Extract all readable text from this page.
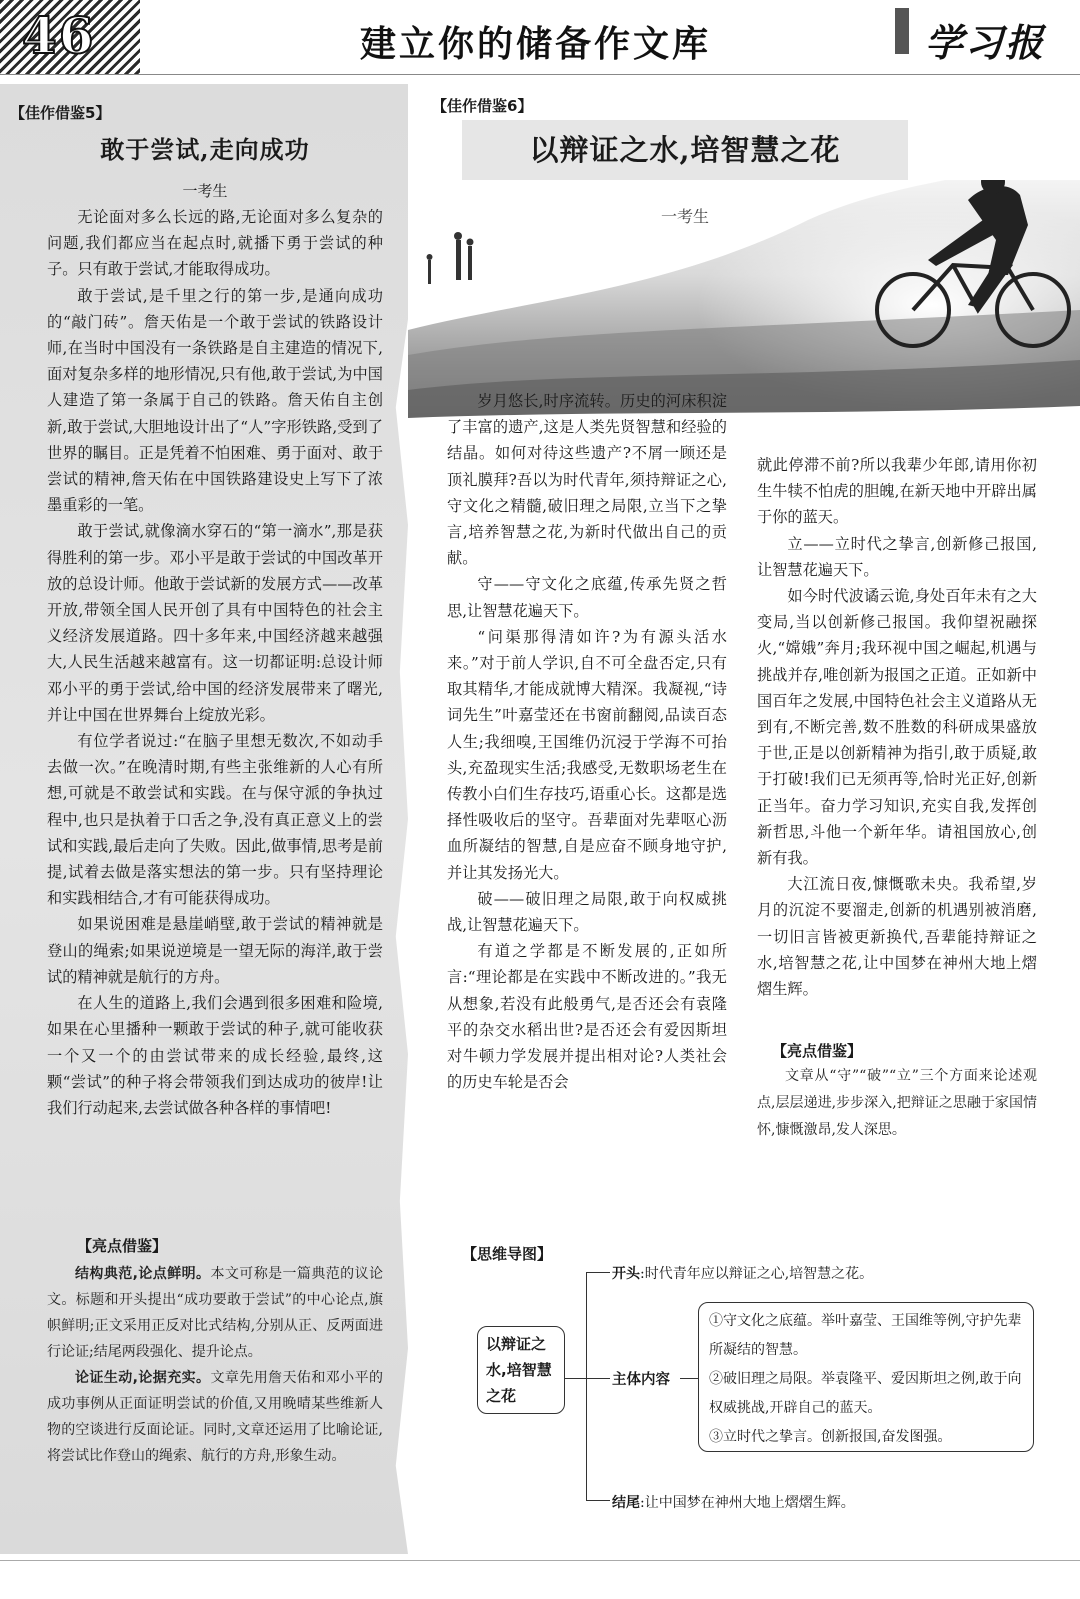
46	建立你的储备作文库	学习报
【佳作借鉴5】
敢于尝试,走向成功
一考生

无论面对多么长远的路,无论面对多么复杂的问题,我们都应当在起点时,就播下勇于尝试的种子。只有敢于尝试,才能取得成功。

敢于尝试,是千里之行的第一步,是通向成功的“敲门砖”。詹天佑是一个敢于尝试的铁路设计师,在当时中国没有一条铁路是自主建造的情况下,面对复杂多样的地形情况,只有他,敢于尝试,为中国人建造了第一条属于自己的铁路。詹天佑自主创新,敢于尝试,大胆地设计出了“人”字形铁路,受到了世界的瞩目。正是凭着不怕困难、勇于面对、敢于尝试的精神,詹天佑在中国铁路建设史上写下了浓墨重彩的一笔。

敢于尝试,就像滴水穿石的“第一滴水”,那是获得胜利的第一步。邓小平是敢于尝试的中国改革开放的总设计师。他敢于尝试新的发展方式——改革开放,带领全国人民开创了具有中国特色的社会主义经济发展道路。四十多年来,中国经济越来越强大,人民生活越来越富有。这一切都证明:总设计师邓小平的勇于尝试,给中国的经济发展带来了曙光,并让中国在世界舞台上绽放光彩。

有位学者说过:“在脑子里想无数次,不如动手去做一次。”在晚清时期,有些主张维新的人心有所想,可就是不敢尝试和实践。在与保守派的争执过程中,也只是执着于口舌之争,没有真正意义上的尝试和实践,最后走向了失败。因此,做事情,思考是前提,试着去做是落实想法的第一步。只有坚持理论和实践相结合,才有可能获得成功。

如果说困难是悬崖峭壁,敢于尝试的精神就是登山的绳索;如果说逆境是一望无际的海洋,敢于尝试的精神就是航行的方舟。

在人生的道路上,我们会遇到很多困难和险境,如果在心里播种一颗敢于尝试的种子,就可能收获一个又一个的由尝试带来的成长经验,最终,这颗“尝试”的种子将会带领我们到达成功的彼岸!让我们行动起来,去尝试做各种各样的事情吧!

【亮点借鉴】

结构典范,论点鲜明。本文可称是一篇典范的议论文。标题和开头提出“成功要敢于尝试”的中心论点,旗帜鲜明;正文采用正反对比式结构,分别从正、反两面进行论证;结尾两段强化、提升论点。

论证生动,论据充实。文章先用詹天佑和邓小平的成功事例从正面证明尝试的价值,又用晚晴某些维新人物的空谈进行反面论证。同时,文章还运用了比喻论证,将尝试比作登山的绳索、航行的方舟,形象生动。

【佳作借鉴6】
以辩证之水,培智慧之花
一考生

岁月悠长,时序流转。历史的河床积淀了丰富的遗产,这是人类先贤智慧和经验的结晶。如何对待这些遗产?不屑一顾还是顶礼膜拜?吾以为时代青年,须持辩证之心,守文化之精髓,破旧理之局限,立当下之挚言,培养智慧之花,为新时代做出自己的贡献。

守——守文化之底蕴,传承先贤之哲思,让智慧花遍天下。

“问渠那得清如许?为有源头活水来。”对于前人学识,自不可全盘否定,只有取其精华,才能成就博大精深。我凝视,“诗词先生”叶嘉莹还在书窗前翻阅,品读百态人生;我细嗅,王国维仍沉浸于学海不可抬头,充盈现实生活;我感受,无数职场老生在传教小白们生存技巧,语重心长。这都是选择性吸收后的坚守。吾辈面对先辈呕心沥血所凝结的智慧,自是应奋不顾身地守护,并让其发扬光大。

破——破旧理之局限,敢于向权威挑战,让智慧花遍天下。

有道之学都是不断发展的,正如所言:“理论都是在实践中不断改进的。”我无从想象,若没有此般勇气,是否还会有袁隆平的杂交水稻出世?是否还会有爱因斯坦对牛顿力学发展并提出相对论?人类社会的历史车轮是否会

就此停滞不前?所以我辈少年郎,请用你初生牛犊不怕虎的胆魄,在新天地中开辟出属于你的蓝天。

立——立时代之挚言,创新修己报国,让智慧花遍天下。

如今时代波谲云诡,身处百年未有之大变局,当以创新修己报国。我仰望祝融探火,“嫦娥”奔月;我环视中国之崛起,机遇与挑战并存,唯创新为报国之正道。正如新中国百年之发展,中国特色社会主义道路从无到有,不断完善,数不胜数的科研成果盛放于世,正是以创新精神为指引,敢于质疑,敢于打破!我们已无须再等,恰时光正好,创新正当年。奋力学习知识,充实自我,发挥创新哲思,斗他一个新年华。请祖国放心,创新有我。

大江流日夜,慷慨歌未央。我希望,岁月的沉淀不要溜走,创新的机遇别被消磨,一切旧言皆被更新换代,吾辈能持辩证之水,培智慧之花,让中国梦在神州大地上熠熠生辉。

【亮点借鉴】

文章从“守”“破”“立”三个方面来论述观点,层层递进,步步深入,把辩证之思融于家国情怀,慷慨激昂,发人深思。

【思维导图】
以辩证之水,培智慧之花
开头:时代青年应以辩证之心,培智慧之花。
主体内容

①守文化之底蕴。举叶嘉莹、王国维等例,守护先辈所凝结的智慧。

②破旧理之局限。举袁隆平、爱因斯坦之例,敢于向权威挑战,开辟自己的蓝天。

③立时代之挚言。创新报国,奋发图强。

结尾:让中国梦在神州大地上熠熠生辉。
